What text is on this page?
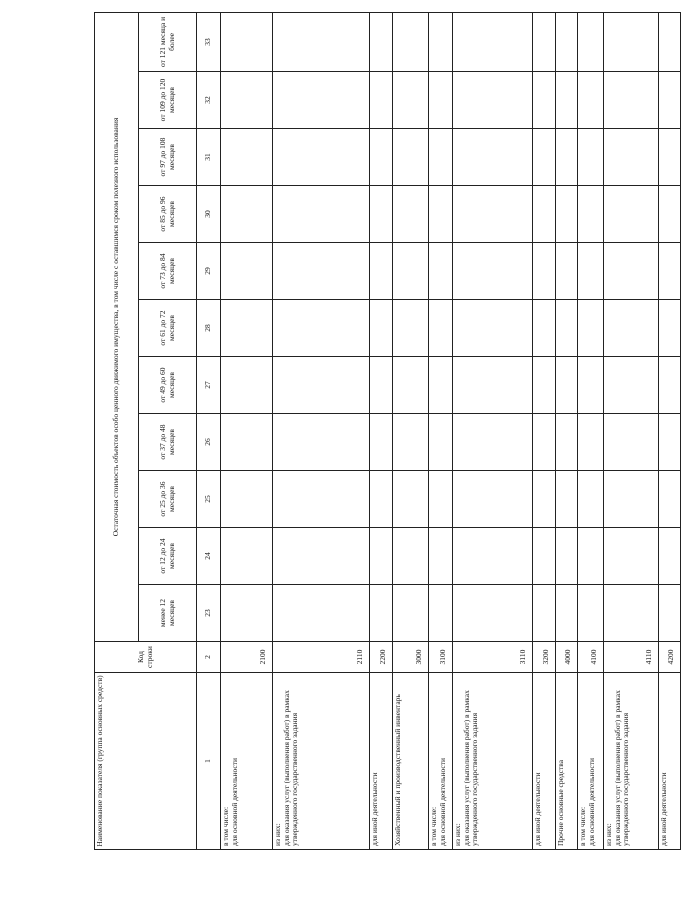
Наименование показателя (группа основных средств)	Код строки	Остаточная стоимость объектов особо ценного движимого имущества, в том числе с оставшимся сроком полезного использования										
		менее 12 месяцев	от 12 до 24 месяцев	от 25 до 36 месяцев	от 37 до 48 месяцев	от 49 до 60 месяцев	от 61 до 72 месяцев	от 73 до 84 месяцев	от 85 до 96 месяцев	от 97 до 108 месяцев	от 109 до 120 месяцев	от 121 месяца и более
1	2	23	24	25	26	27	28	29	30	31	32	33

в том числе: для основной деятельности	2100											

из них: для оказания услуг (выполнения работ) в рамках утвержденного государственного задания	2110											

для иной деятельности	2200											

Хозяйственный и производственный инвентарь	3000											

в том числе: для основной деятельности	3100											

из них: для оказания услуг (выполнения работ) в рамках утвержденного государственного задания	3110											

для иной деятельности	3200											

Прочие основные средства	4000											

в том числе: для основной деятельности	4100											

из них: для оказания услуг (выполнения работ) в рамках утвержденного государственного задания	4110											

для иной деятельности	4200											
